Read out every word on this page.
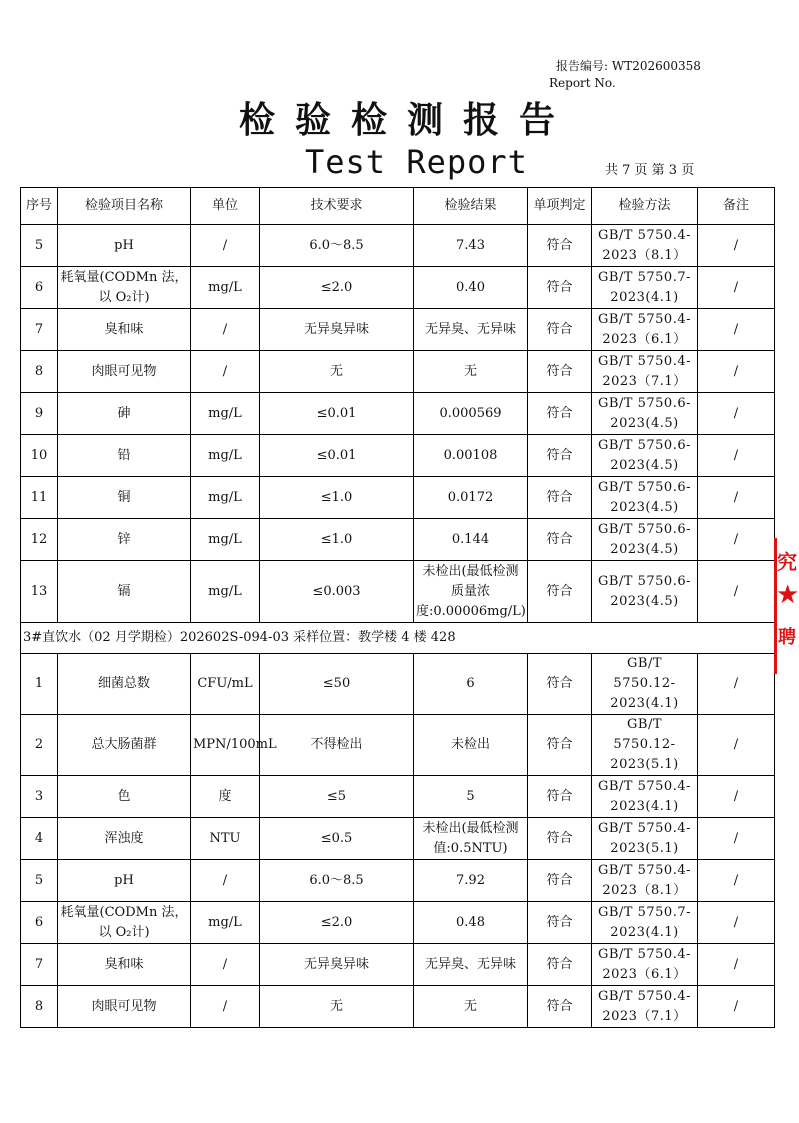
报告编号: WT202600358
Report No.
检验检测报告
Test Report	共 7 页 第 3 页
序号	检验项目名称	单位	技术要求	检验结果	单项判定	检验方法	备注
5	pH	/	6.0～8.5	7.43	符合	GB/T 5750.4-2023（8.1）	/
6	耗氧量(CODMn 法，以 O₂计)	mg/L	≤2.0	0.40	符合	GB/T 5750.7-2023(4.1)	/
7	臭和味	/	无异臭异味	无异臭、无异味	符合	GB/T 5750.4-2023（6.1）	/
8	肉眼可见物	/	无	无	符合	GB/T 5750.4-2023（7.1）	/
9	砷	mg/L	≤0.01	0.000569	符合	GB/T 5750.6-2023(4.5)	/
10	铅	mg/L	≤0.01	0.00108	符合	GB/T 5750.6-2023(4.5)	/
11	铜	mg/L	≤1.0	0.0172	符合	GB/T 5750.6-2023(4.5)	/
12	锌	mg/L	≤1.0	0.144	符合	GB/T 5750.6-2023(4.5)	/
13	镉	mg/L	≤0.003	未检出(最低检测质量浓度:0.00006mg/L)	符合	GB/T 5750.6-2023(4.5)	/
3#直饮水（02 月学期检）202602S-094-03 采样位置：教学楼 4 楼 428							
1	细菌总数	CFU/mL	≤50	6	符合	GB/T 5750.12-2023(4.1)	/
2	总大肠菌群	MPN/100mL	不得检出	未检出	符合	GB/T 5750.12-2023(5.1)	/
3	色	度	≤5	5	符合	GB/T 5750.4-2023(4.1)	/
4	浑浊度	NTU	≤0.5	未检出(最低检测值:0.5NTU)	符合	GB/T 5750.4-2023(5.1)	/
5	pH	/	6.0～8.5	7.92	符合	GB/T 5750.4-2023（8.1）	/
6	耗氧量(CODMn 法，以 O₂计)	mg/L	≤2.0	0.48	符合	GB/T 5750.7-2023(4.1)	/
7	臭和味	/	无异臭异味	无异臭、无异味	符合	GB/T 5750.4-2023（6.1）	/
8	肉眼可见物	/	无	无	符合	GB/T 5750.4-2023（7.1）	/
究
★
聘
